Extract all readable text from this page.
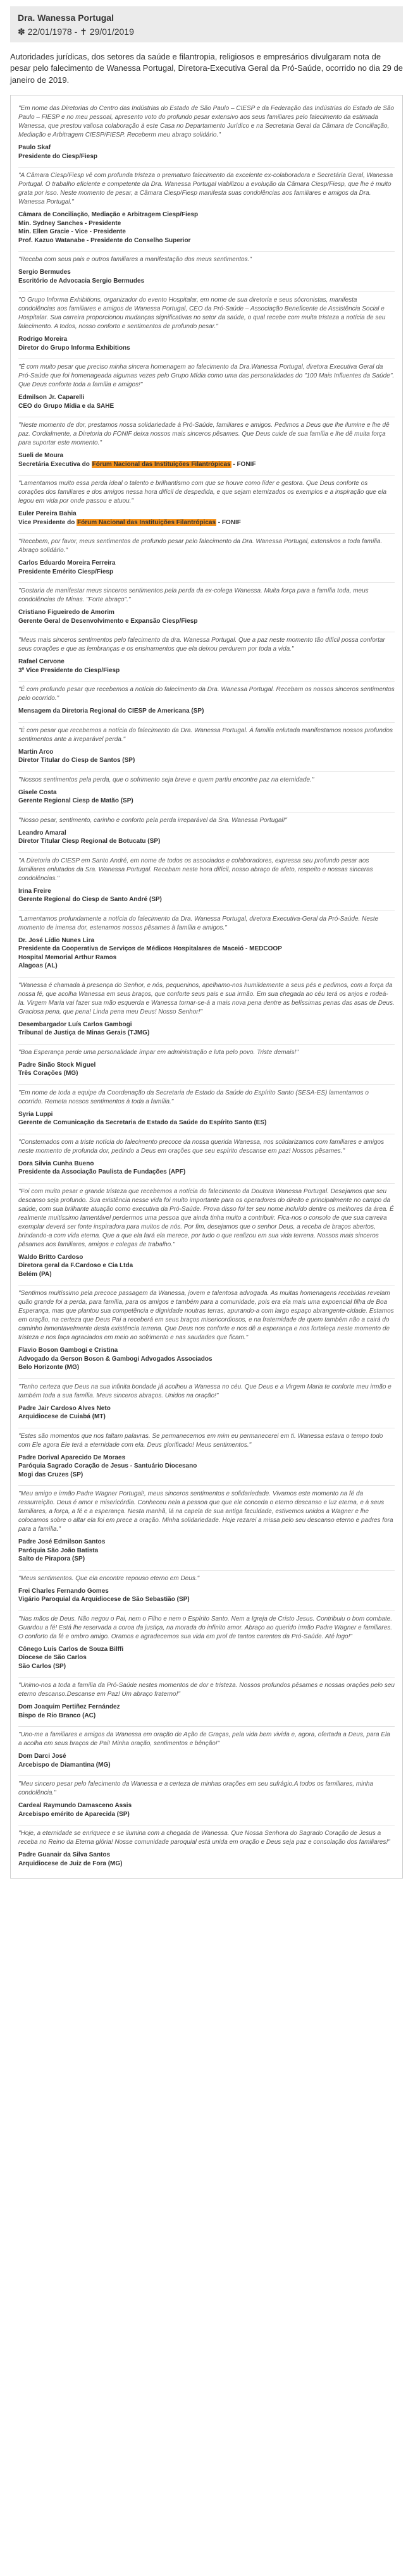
Dra. Wanessa Portugal
✽ 22/01/1978 - ✝ 29/01/2019

Autoridades jurídicas, dos setores da saúde e filantropia, religiosos e empresários divulgaram nota de pesar pelo falecimento de Wanessa Portugal, Diretora-Executiva Geral da Pró-Saúde, ocorrido no dia 29 de janeiro de 2019.

"Em nome das Diretorias do Centro das Indústrias do Estado de São Paulo – CIESP e da Federação das Indústrias do Estado de São Paulo – FIESP e no meu pessoal, apresento voto do profundo pesar extensivo aos seus familiares pelo falecimento da estimada Wanessa, que prestou valiosa colaboração à este Casa no Departamento Jurídico e na Secretaria Geral da Câmara de Conciliação, Mediação e Arbitragem CIESP/FIESP. Receberm meu abraço solidário."

Paulo Skaf
Presidente do Ciesp/Fiesp

"A Câmara Ciesp/Fiesp vê com profunda tristeza o prematuro falecimento da excelente ex-colaboradora e Secretária Geral, Wanessa Portugal. O trabalho eficiente e competente da Dra. Wanessa Portugal viabilizou a evolução da Câmara Ciesp/Fiesp, que lhe é muito grata por isso. Neste momento de pesar, a Câmara Ciesp/Fiesp manifesta suas condolências aos familiares e amigos da Dra. Wanessa Portugal."

Câmara de Conciliação, Mediação e Arbitragem Ciesp/Fiesp
Min. Sydney Sanches - Presidente
Min. Ellen Gracie - Vice - Presidente
Prof. Kazuo Watanabe - Presidente do Conselho Superior

"Receba com seus pais e outros familiares a manifestação dos meus sentimentos."

Sergio Bermudes
Escritório de Advocacia Sergio Bermudes

"O Grupo Informa Exhibitions, organizador do evento Hospitalar, em nome de sua diretoria e seus sócronistas, manifesta condolências aos familiares e amigos de Wanessa Portugal, CEO da Pró-Saúde – Associação Beneficente de Assistência Social e Hospitalar. Sua carreira proporcionou mudanças significativas no setor da saúde, o qual recebe com muita tristeza a notícia de seu falecimento. A todos, nosso conforto e sentimentos de profundo pesar."

Rodrigo Moreira
Diretor do Grupo Informa Exhibitions

"É com muito pesar que preciso minha sincera homenagem ao falecimento da Dra.Wanessa Portugal, diretora Executiva Geral da Pró-Saúde que foi homenageada algumas vezes pelo Grupo Mídia como uma das personalidades do "100 Mais Influentes da Saúde". Que Deus conforte toda a família e amigos!"

Edmilson Jr. Caparelli
CEO do Grupo Mídia e da SAHE

"Neste momento de dor, prestamos nossa solidariedade à Pró-Saúde, familiares e amigos. Pedimos a Deus que lhe ilumine e lhe dê paz. Cordialmente, a Diretoria do FONIF deixa nossos mais sinceros pêsames. Que Deus cuide de sua família e lhe dê muita força para suportar este momento."

Sueli de Moura
Secretária Executiva do Fórum Nacional das Instituições Filantrópicas - FONIF

"Lamentamos muito essa perda ideal o talento e brilhantismo com que se houve como líder e gestora. Que Deus conforte os corações dos familiares e dos amigos nessa hora difícil de despedida, e que sejam eternizados os exemplos e a inspiração que ela legou em vida por onde passou e atuou."

Euler Pereira Bahia
Vice Presidente do Fórum Nacional das Instituições Filantrópicas - FONIF

"Recebem, por favor, meus sentimentos de profundo pesar pelo falecimento da Dra. Wanessa Portugal, extensivos a toda família. Abraço solidário."

Carlos Eduardo Moreira Ferreira
Presidente Emérito Ciesp/Fiesp

"Gostaria de manifestar meus sinceros sentimentos pela perda da ex-colega Wanessa. Muita força para a família toda, meus condolências de Minas. "Forte abraço"."

Cristiano Figueiredo de Amorim
Gerente Geral de Desenvolvimento e Expansão Ciesp/Fiesp

"Meus mais sinceros sentimentos pelo falecimento da dra. Wanessa Portugal. Que a paz neste momento tão difícil possa confortar seus corações e que as lembranças e os ensinamentos que ela deixou perdurem por toda a vida."

Rafael Cervone
3º Vice Presidente do Ciesp/Fiesp

"É com profundo pesar que recebemos a notícia do falecimento da Dra. Wanessa Portugal. Recebam os nossos sinceros sentimentos pelo ocorrido."

Mensagem da Diretoria Regional do CIESP de Americana (SP)

"É com pesar que recebemos a notícia do falecimento da Dra. Wanessa Portugal. À família enlutada manifestamos nossos profundos sentimentos ante a irreparável perda."

Martin Arco
Diretor Titular do Ciesp de Santos (SP)

"Nossos sentimentos pela perda, que o sofrimento seja breve e quem partiu encontre paz na eternidade."

Gisele Costa
Gerente Regional Ciesp de Matão (SP)

"Nosso pesar, sentimento, carinho e conforto pela perda irreparável da Sra. Wanessa Portugal!"

Leandro Amaral
Diretor Titular Ciesp Regional de Botucatu (SP)

"A Diretoria do CIESP em Santo André, em nome de todos os associados e colaboradores, expressa seu profundo pesar aos familiares enlutados da Sra. Wanessa Portugal. Recebam neste hora difícil, nosso abraço de afeto, respeito e nossas sinceras condolências."

Irina Freire
Gerente Regional do Ciesp de Santo André (SP)

"Lamentamos profundamente a notícia do falecimento da Dra. Wanessa Portugal, diretora Executiva-Geral da Pró-Saúde. Neste momento de imensa dor, estenamos nossos pêsames à família e amigos."

Dr. José Lídio Nunes Lira
Presidente da Cooperativa de Serviços de Médicos Hospitalares de Maceió - MEDCOOP
Hospital Memorial Arthur Ramos
Alagoas (AL)

"Wanessa é chamada à presença do Senhor, e nós, pequeninos, apelhamo-nos humildemente a seus pés e pedimos, com a força da nossa fé, que acolha Wanessa em seus braços, que conforte seus pais e sua irmão. Em sua chegada ao céu terá os anjos e rodeá-la. Virgem Maria vai fazer sua mão esquerda e Wanessa tornar-se-á a mais nova pena dentre as belíssimas penas das asas de Deus. Graciosa pena, que pena! Linda pena meu Deus! Nosso Senhor!"

Desembargador Luís Carlos Gambogi
Tribunal de Justiça de Minas Gerais (TJMG)

"Boa Esperança perde uma personalidade ímpar em administração e luta pelo povo. Triste demais!"

Padre Sinão Stock Miguel
Três Corações (MG)

"Em nome de toda a equipe da Coordenação da Secretaria de Estado da Saúde do Espírito Santo (SESA-ES) lamentamos o ocorrido. Remeta nossos sentimentos à toda a família."

Syria Luppi
Gerente de Comunicação da Secretaria de Estado da Saúde do Espírito Santo (ES)

"Constemados com a triste notícia do falecimento precoce da nossa querida Wanessa, nos solidarizamos com familiares e amigos neste momento de profunda dor, pedindo a Deus em orações que seu espírito descanse em paz! Nossos pêsames."

Dora Silvia Cunha Bueno
Presidente da Associação Paulista de Fundações (APF)

"Foi com muito pesar e grande tristeza que recebemos a notícia do falecimento da Doutora Wanessa Portugal. Desejamos que seu descanso seja profundo. Sua existência nesse vida foi muito importante para os operadores do direito e principalmente no campo da saúde, com sua brilhante atuação como executiva da Pró-Saúde. Prova disso foi ter seu nome incluído dentre os melhores da área. É realmente muitíssimo lamentável perdermos uma pessoa que ainda tinha muito a contribuir. Fica-nos o consolo de que sua carreira exemplar deverá ser fonte inspiradora para muitos de nós. Por fim, desejamos que o senhor Deus, a receba de braços abertos, brindando-a com vida eterna. Que a que ela fará ela merece, por tudo o que realizou em sua vida terrena. Nossos mais sinceros pêsames aos familiares, amigos e colegas de trabalho."

Waldo Britto Cardoso
Diretora geral da F.Cardoso e Cia Ltda
Belém (PA)

"Sentimos muitíssimo pela precoce passagem da Wanessa, jovem e talentosa advogada. As muitas homenagens recebidas revelam quão grande foi a perda, para família, para os amigos e também para a comunidade, pois era ela mais uma expoencial filha de Boa Esperança, mas que plantou sua competência e dignidade noutras terras, apurando-a com largo espaço abrangente-cidade. Estamos em oração, na certeza que Deus Pai a receberá em seus braços misericordiosos, e na fraternidade de quem também não a cairá do caminho lamentavelmente desta existência terrena. Que Deus nos conforte e nos dê a esperança e nos fortaleça neste momento de tristeza e nos faça agraciados em meio ao sofrimento e nas saudades que ficam."

Flavio Boson Gambogi e Cristina
Advogado da Gerson Boson & Gambogi Advogados Associados
Belo Horizonte (MG)

"Tenho certeza que Deus na sua infinita bondade já acolheu a Wanessa no céu. Que Deus e a Virgem Maria te conforte meu irmão e também toda a sua família. Meus sinceros abraços. Unidos na oração!"

Padre Jair Cardoso Alves Neto
Arquidiocese de Cuiabá (MT)

"Estes são momentos que nos faltam palavras. Se permanecemos em mim eu permanecerei em ti. Wanessa estava o tempo todo com Ele agora Ele terá a eternidade com ela. Deus glorificado! Meus sentimentos."

Padre Dorival Aparecido De Moraes
Paróquia Sagrado Coração de Jesus - Santuário Diocesano
Mogi das Cruzes (SP)

"Meu amigo e irmão Padre Wagner Portugal!, meus sinceros sentimentos e solidariedade. Vivamos este momento na fé da ressurreição. Deus é amor e misericórdia. Conheceu nela a pessoa que que ele conceda o eterno descanso e luz eterna, e à seus familiares, a força, a fé e a esperança. Nesta manhã, lá na capela de sua antiga faculdade, estivemos unidos a Wagner e lhe colocamos sobre o altar ela foi em prece a oração. Minha solidariedade. Hoje rezarei a missa pelo seu descanso eterno e padres fora para a família."

Padre José Edmilson Santos
Paróquia São João Batista
Salto de Pirapora (SP)

"Meus sentimentos. Que ela encontre repouso eterno em Deus."

Frei Charles Fernando Gomes
Vigário Paroquial da Arquidiocese de São Sebastião (SP)

"Nas mãos de Deus. Não negou o Pai, nem o Filho e nem o Espírito Santo. Nem a Igreja de Cristo Jesus. Contribuiu o bom combate. Guardou a fé! Está lhe reservada a coroa da justiça, na morada do infinito amor. Abraço ao querido irmão Padre Wagner e familiares. O conforto da fé e ombro amigo. Oramos e agradecemos sua vida em prol de tantos carentes da Pró-Saúde. Até logo!"

Cônego Luís Carlos de Souza Bilffi
Diocese de São Carlos
São Carlos (SP)

"Unimo-nos a toda a família da Pró-Saúde nestes momentos de dor e tristeza. Nossos profundos pêsames e nossas orações pelo seu eterno descanso.Descanse em Paz! Um abraço fraterno!"

Dom Joaquim Pertiñez Fernández
Bispo de Rio Branco (AC)

"Uno-me a familiares e amigos da Wanessa em oração de Ação de Graças, pela vida bem vivida e, agora, ofertada a Deus, para Ela a acolha em seus braços de Pai! Minha oração, sentimentos e bênção!"

Dom Darci José
Arcebispo de Diamantina (MG)

"Meu sincero pesar pelo falecimento da Wanessa e a certeza de minhas orações em seu sufrágio.A todos os familiares, minha condolência."

Cardeal Raymundo Damasceno Assis
Arcebispo emérito de Aparecida (SP)

"Hoje, a eternidade se enriquece e se ilumina com a chegada de Wanessa. Que Nossa Senhora do Sagrado Coração de Jesus a receba no Reino da Eterna glória! Nosse comunidade paroquial está unida em oração e Deus seja paz e consolação dos familiares!"

Padre Guanair da Silva Santos
Arquidiocese de Juiz de Fora (MG)
